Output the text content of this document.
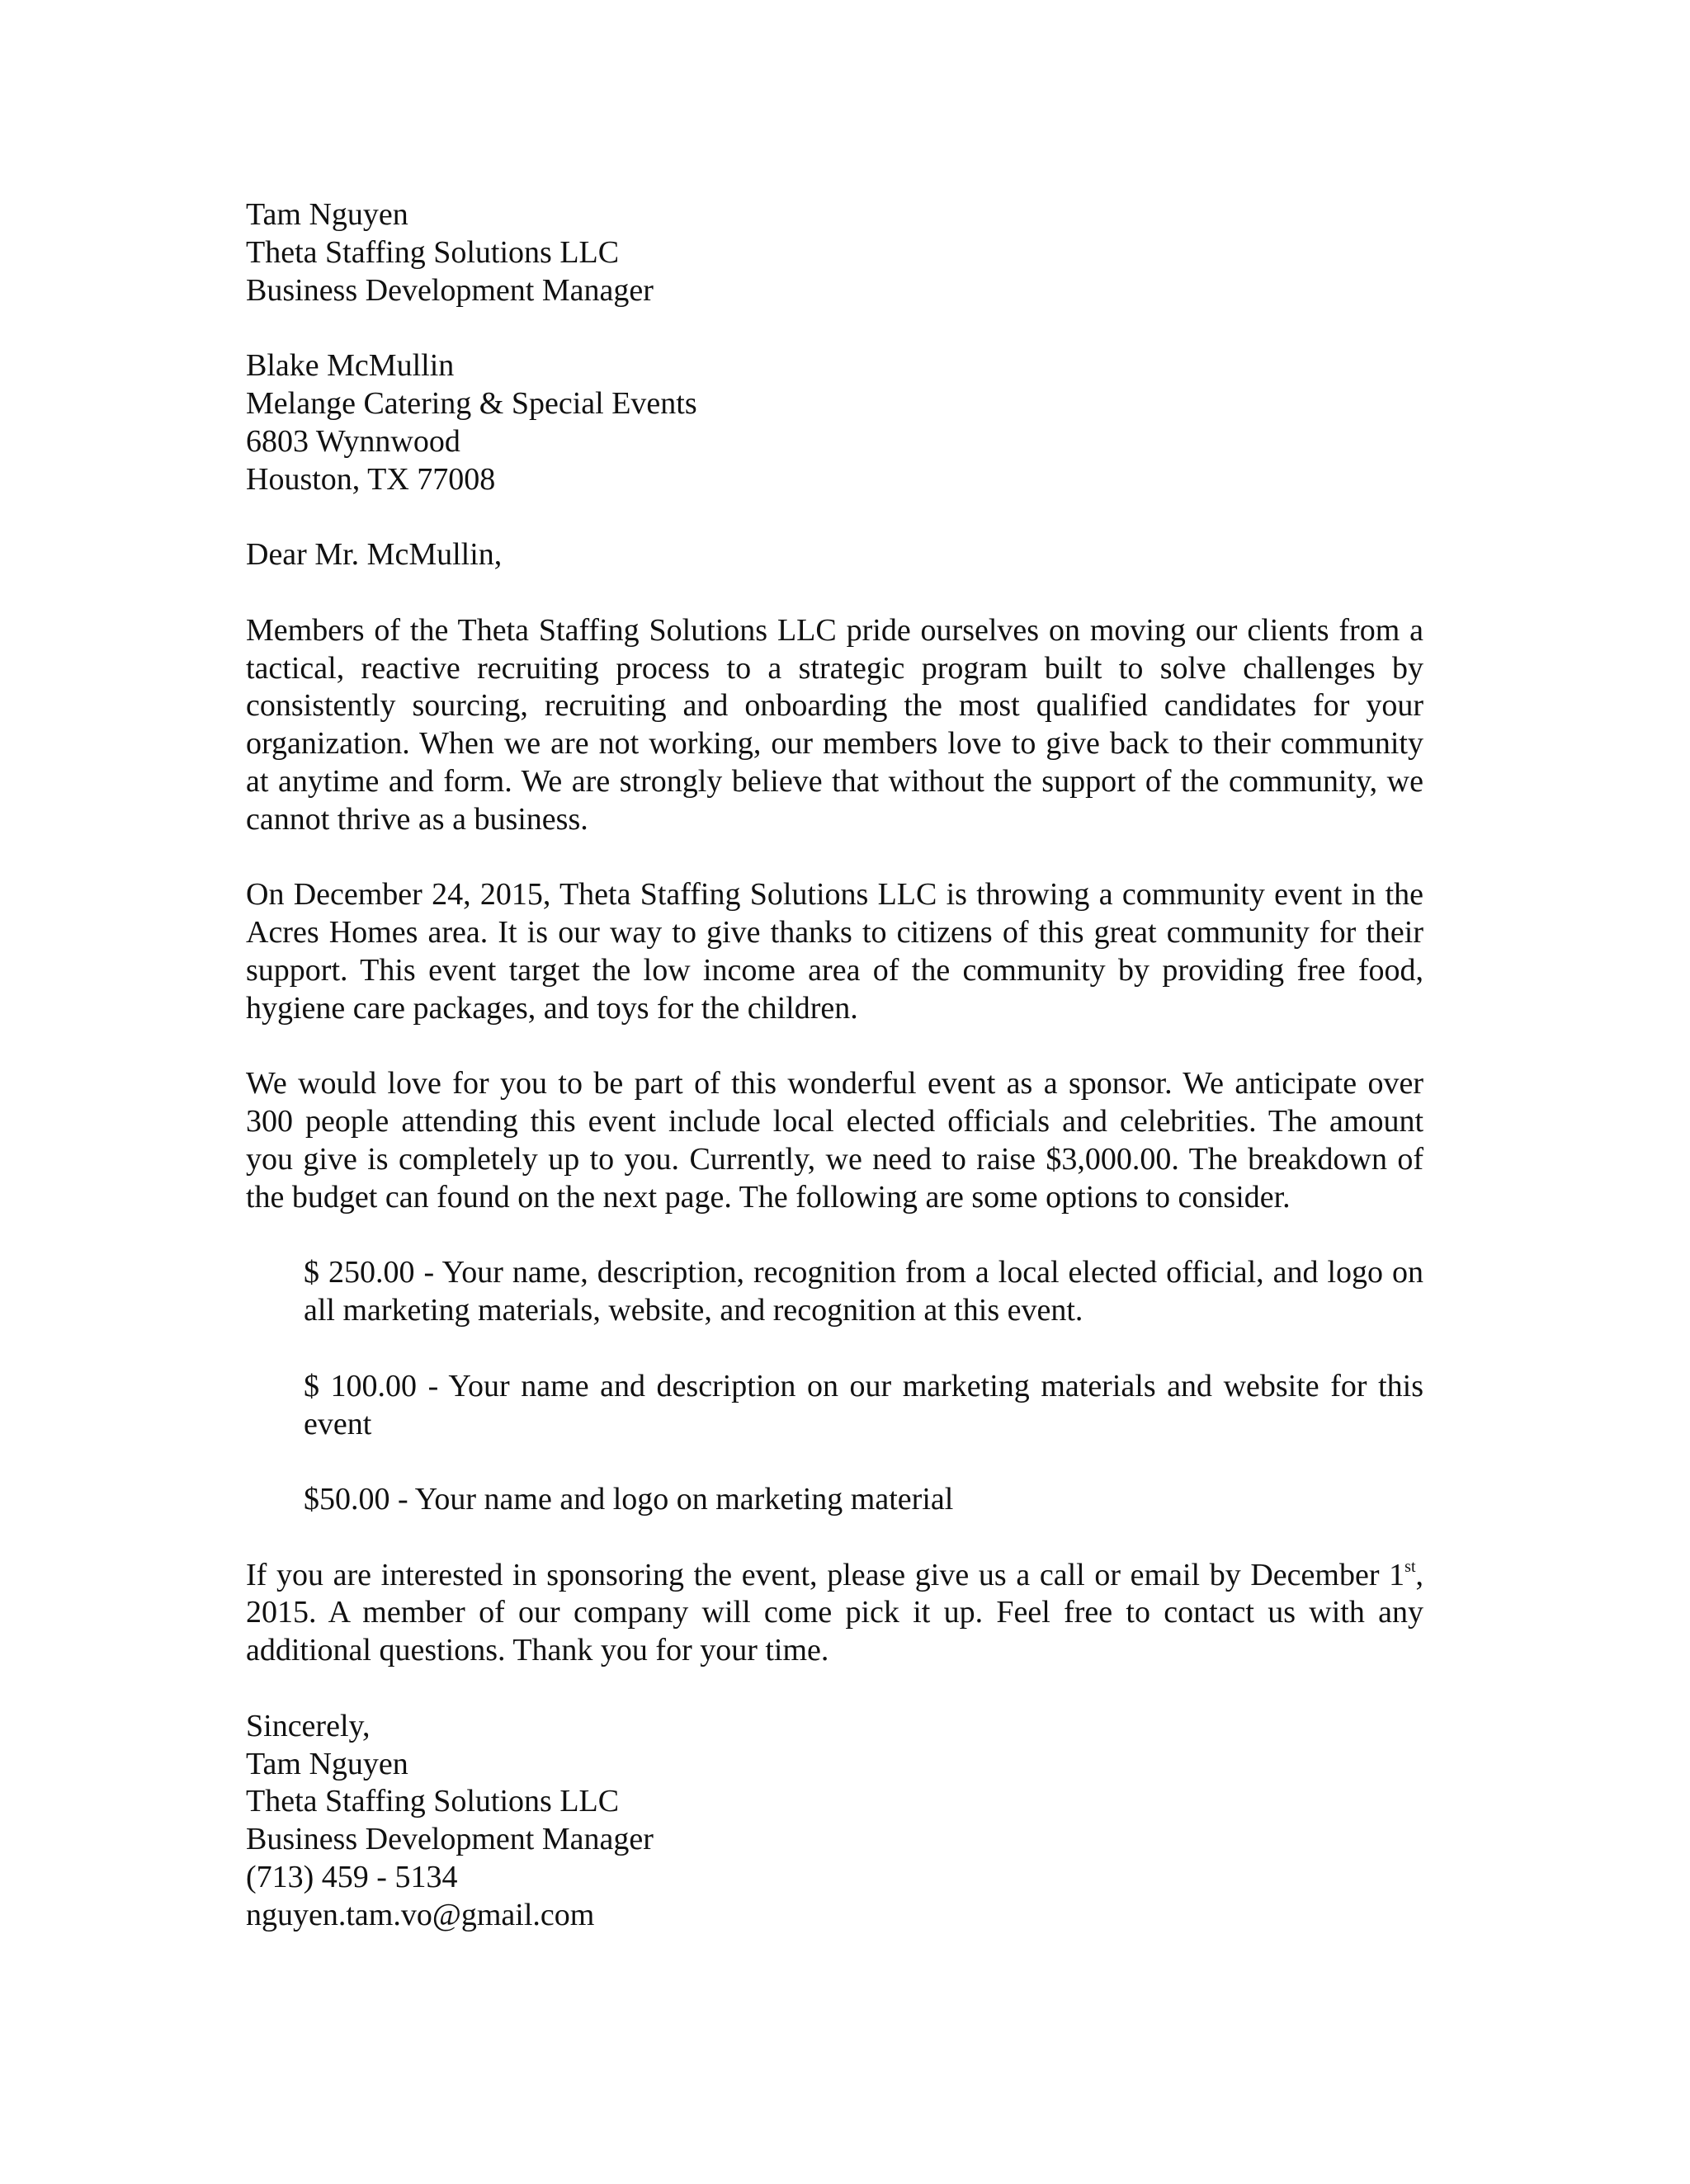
Tam Nguyen
Theta Staffing Solutions LLC
Business Development Manager
Blake McMullin
Melange Catering & Special Events
6803 Wynnwood
Houston, TX 77008
Dear Mr. McMullin,

Members of the Theta Staffing Solutions LLC pride ourselves on moving our clients from a tactical, reactive recruiting process to a strategic program built to solve challenges by consistently sourcing, recruiting and onboarding the most qualified candidates for your organization. When we are not working, our members love to give back to their community at anytime and form. We are strongly believe that without the support of the community, we cannot thrive as a business.

On December 24, 2015, Theta Staffing Solutions LLC is throwing a community event in the Acres Homes area. It is our way to give thanks to citizens of this great community for their support. This event target the low income area of the community by providing free food, hygiene care packages, and toys for the children.

We would love for you to be part of this wonderful event as a sponsor. We anticipate over 300 people attending this event include local elected officials and celebrities. The amount you give is completely up to you. Currently, we need to raise $3,000.00. The breakdown of the budget can found on the next page. The following are some options to consider.

$ 250.00 - Your name, description, recognition from a local elected official, and logo on all marketing materials, website, and recognition at this event.

$ 100.00 - Your name and description on our marketing materials and website for this event

$50.00 - Your name and logo on marketing material

If you are interested in sponsoring the event, please give us a call or email by December 1st, 2015. A member of our company will come pick it up. Feel free to contact us with any additional questions. Thank you for your time.

Sincerely,
Tam Nguyen
Theta Staffing Solutions LLC
Business Development Manager
(713) 459 - 5134
nguyen.tam.vo@gmail.com
